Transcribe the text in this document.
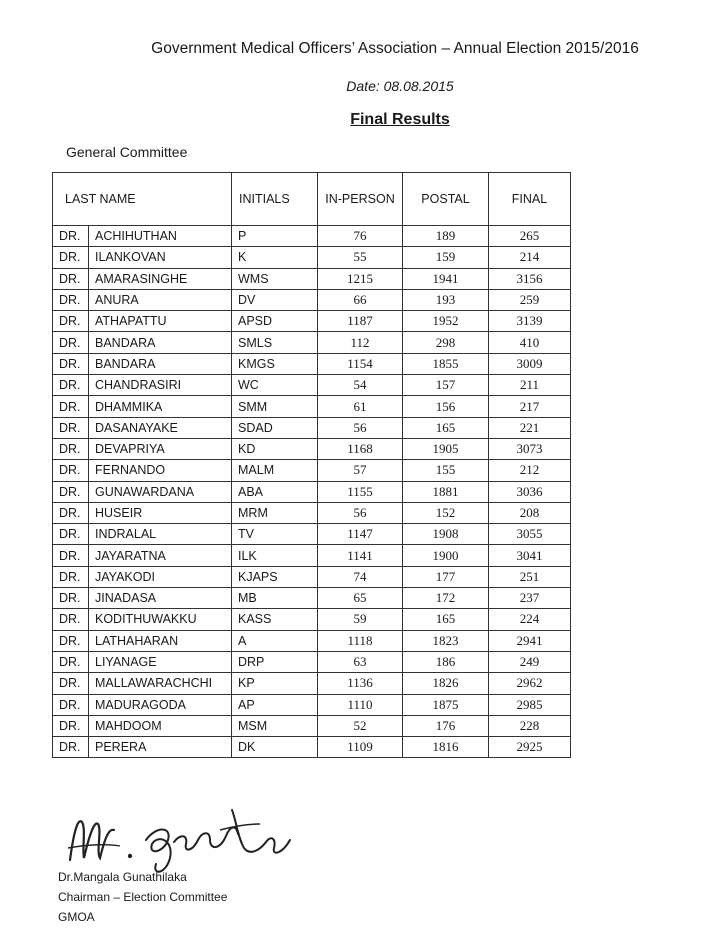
Government Medical Officers’ Association – Annual Election 2015/2016
Date: 08.08.2015
Final Results
General Committee
LAST NAME		INITIALS	IN-PERSON	POSTAL	FINAL
DR.	ACHIHUTHAN	P	76	189	265
DR.	ILANKOVAN	K	55	159	214
DR.	AMARASINGHE	WMS	1215	1941	3156
DR.	ANURA	DV	66	193	259
DR.	ATHAPATTU	APSD	1187	1952	3139
DR.	BANDARA	SMLS	112	298	410
DR.	BANDARA	KMGS	1154	1855	3009
DR.	CHANDRASIRI	WC	54	157	211
DR.	DHAMMIKA	SMM	61	156	217
DR.	DASANAYAKE	SDAD	56	165	221
DR.	DEVAPRIYA	KD	1168	1905	3073
DR.	FERNANDO	MALM	57	155	212
DR.	GUNAWARDANA	ABA	1155	1881	3036
DR.	HUSEIR	MRM	56	152	208
DR.	INDRALAL	TV	1147	1908	3055
DR.	JAYARATNA	ILK	1141	1900	3041
DR.	JAYAKODI	KJAPS	74	177	251
DR.	JINADASA	MB	65	172	237
DR.	KODITHUWAKKU	KASS	59	165	224
DR.	LATHAHARAN	A	1118	1823	2941
DR.	LIYANAGE	DRP	63	186	249
DR.	MALLAWARACHCHI	KP	1136	1826	2962
DR.	MADURAGODA	AP	1110	1875	2985
DR.	MAHDOOM	MSM	52	176	228
DR.	PERERA	DK	1109	1816	2925
Dr.Mangala Gunathilaka
Chairman – Election Committee
GMOA
